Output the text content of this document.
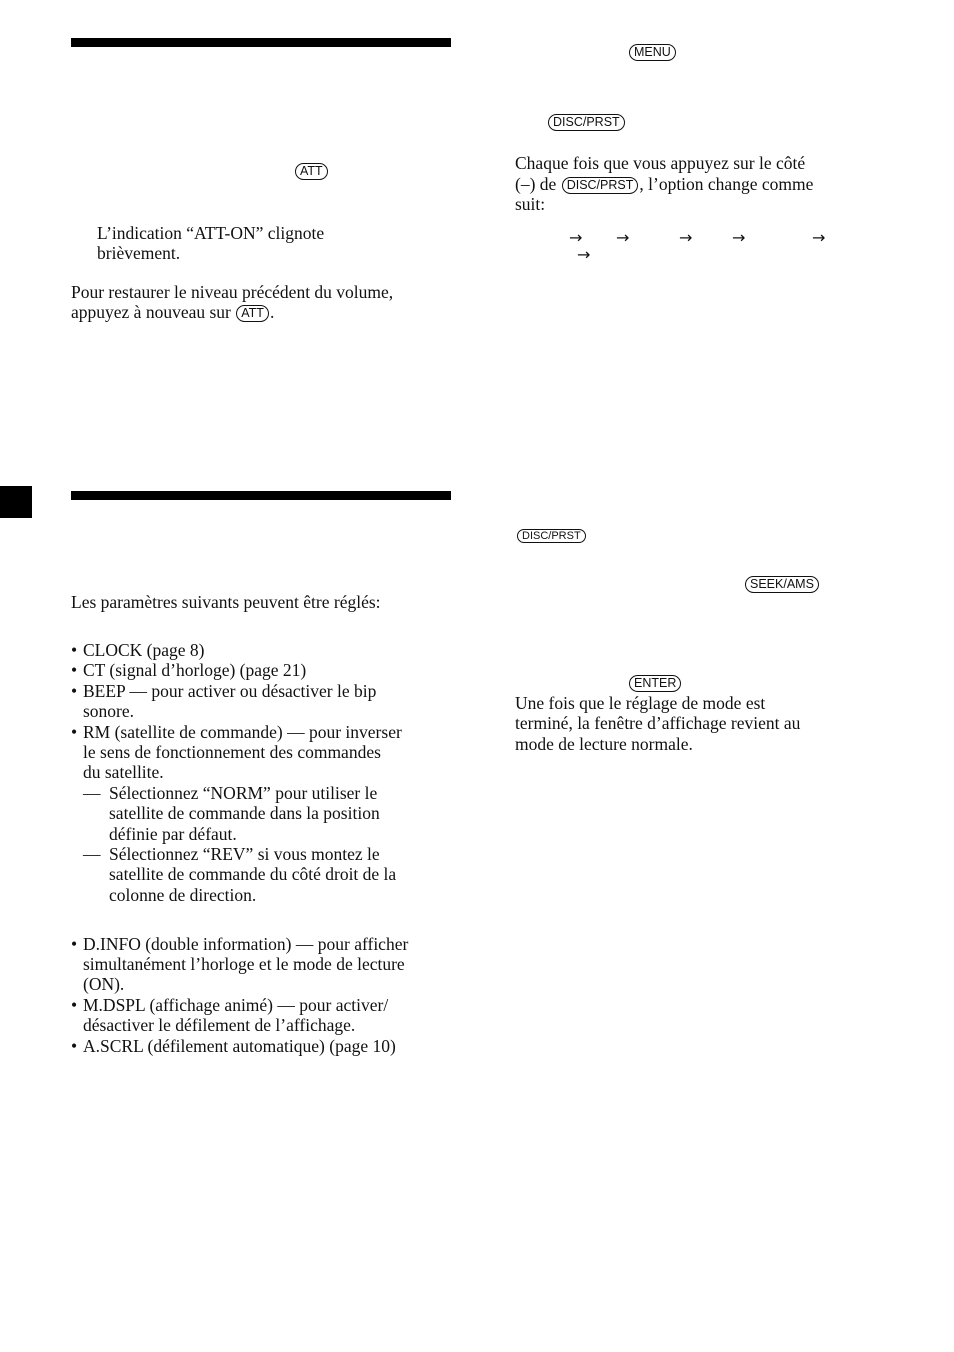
ATT

L’indication “ATT-ON” clignote

brièvement.

Pour restaurer le niveau précédent du volume,

appuyez à nouveau sur ATT .

Les paramètres suivants peuvent être réglés:

• CLOCK (page 8)

• CT (signal d’horloge) (page 21)

• BEEP — pour activer ou désactiver le bip

sonore.

• RM (satellite de commande) — pour inverser

le sens de fonctionnement des commandes

du satellite.

— Sélectionnez “NORM” pour utiliser le

satellite de commande dans la position

définie par défaut.

— Sélectionnez “REV” si vous montez le

satellite de commande du côté droit de la

colonne de direction.

• D.INFO (double information) — pour afficher

simultanément l’horloge et le mode de lecture

(ON).

• M.DSPL (affichage animé) — pour activer/

désactiver le défilement de l’affichage.

• A.SCRL (défilement automatique) (page 10)

MENU
DISC/PRST

Chaque fois que vous appuyez sur le côté

(–) de DISC/PRST , l’option change comme

suit:

→ →	→ →	→
→
DISC/PRST
SEEK/AMS
ENTER

Une fois que le réglage de mode est

terminé, la fenêtre d’affichage revient au

mode de lecture normale.
